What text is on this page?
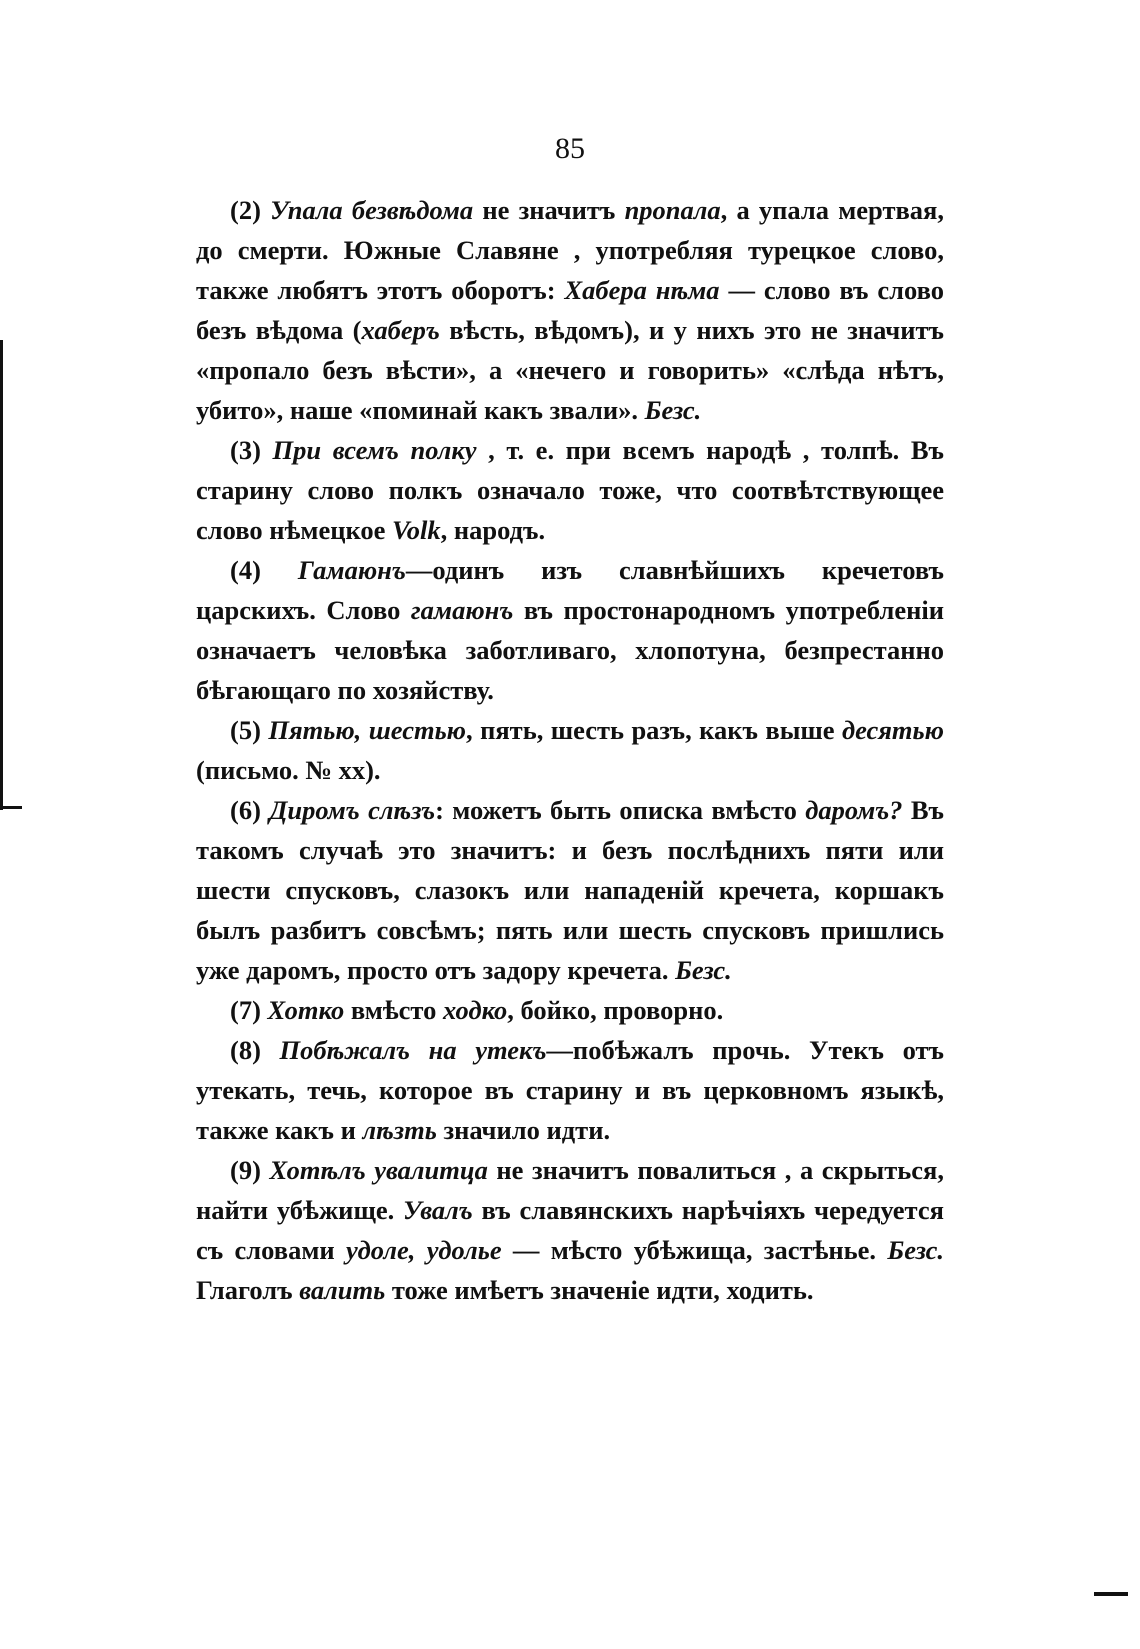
85

(2) Упала безвѣдома не значитъ пропала, а упала мертвая, до смерти. Южные Славяне , употребляя турецкое слово, также любятъ этотъ оборотъ: Хабера нѣма — слово въ слово безъ вѣдома (хаберъ вѣсть, вѣдомъ), и у нихъ это не значитъ «пропало безъ вѣсти», а «нечего и говорить» «слѣда нѣтъ, убито», наше «поминай какъ звали». Безс.

(3) При всемъ полку , т. е. при всемъ народѣ , толпѣ. Въ старину слово полкъ означало тоже, что соотвѣтствующее слово нѣмецкое Volk, народъ.

(4) Гамаюнъ—одинъ изъ славнѣйшихъ кречетовъ царскихъ. Слово гамаюнъ въ простонародномъ употребленіи означаетъ человѣка заботливаго, хлопотуна, безпрестанно бѣгающаго по хозяйству.

(5) Пятью, шестью, пять, шесть разъ, какъ выше десятью (письмо. № xx).

(6) Диромъ слѣзъ: можетъ быть описка вмѣсто даромъ? Въ такомъ случаѣ это значитъ: и безъ послѣднихъ пяти или шести спусковъ, слазокъ или нападеній кречета, коршакъ былъ разбитъ совсѣмъ; пять или шесть спусковъ пришлись уже даромъ, просто отъ задору кречета. Безс.

(7) Хотко вмѣсто ходко, бойко, проворно.

(8) Побѣжалъ на утекъ—побѣжалъ прочь. Утекъ отъ утекать, течь, которое въ старину и въ церковномъ языкѣ, также какъ и лѣзть значило идти.

(9) Хотѣлъ увалитца не значитъ повалиться , а скрыться, найти убѣжище. Увалъ въ славянскихъ нарѣчіяхъ чередуется съ словами удоле, удолье — мѣсто убѣжища, застѣнье. Безс. Глаголъ валить тоже имѣетъ значеніе идти, ходить.
